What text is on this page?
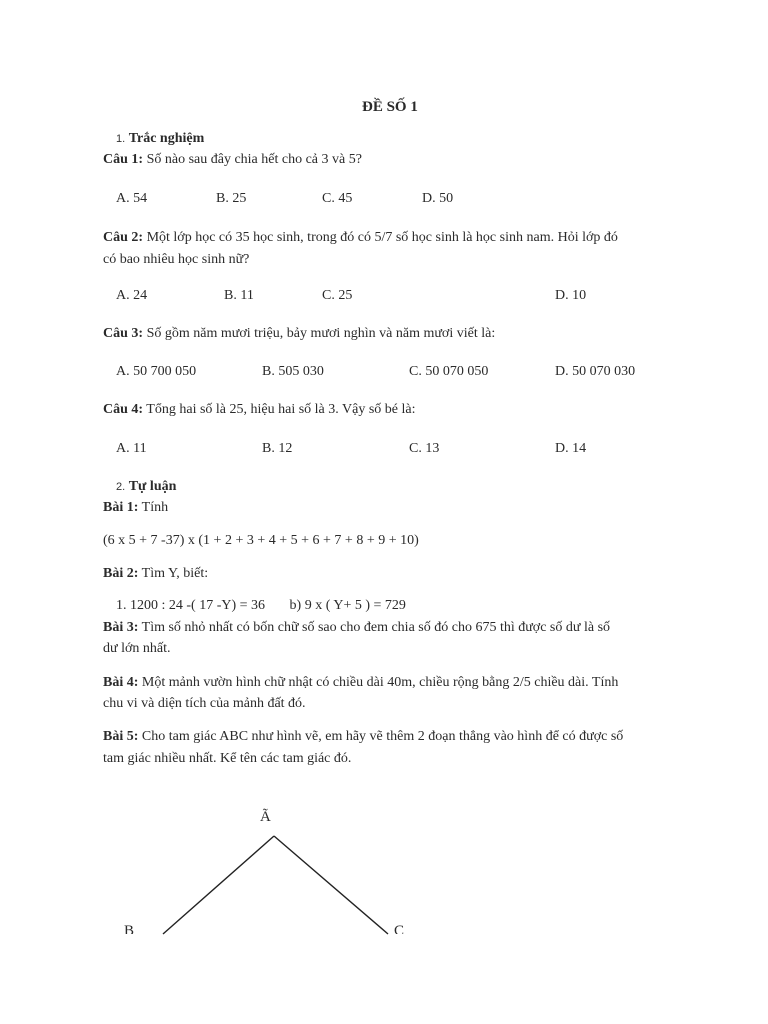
ĐỀ SỐ 1
1. Trắc nghiệm
Câu 1: Số nào sau đây chia hết cho cả 3 và 5?
A. 54	B. 25	C. 45	D. 50
Câu 2: Một lớp học có 35 học sinh, trong đó có 5/7 số học sinh là học sinh nam. Hỏi lớp đó
có bao nhiêu học sinh nữ?
A. 24	B. 11	C. 25	D. 10
Câu 3: Số gồm năm mươi triệu, bảy mươi nghìn và năm mươi viết là:
A. 50 700 050	B. 505 030	C. 50 070 050	D. 50 070 030
Câu 4: Tổng hai số là 25, hiệu hai số là 3. Vậy số bé là:
A. 11	B. 12	C. 13	D. 14
2. Tự luận
Bài 1: Tính
(6 x 5 + 7 -37) x (1 + 2 + 3 + 4 + 5 + 6 + 7 + 8 + 9 + 10)
Bài 2: Tìm Y, biết:
1. 1200 : 24 -( 17 -Y) = 36       b) 9 x ( Y+ 5 ) = 729
Bài 3: Tìm số nhỏ nhất có bốn chữ số sao cho đem chia số đó cho 675 thì được số dư là số
dư lớn nhất.
Bài 4: Một mảnh vườn hình chữ nhật có chiều dài 40m, chiều rộng bằng 2/5 chiều dài. Tính
chu vi và diện tích của mảnh đất đó.
Bài 5: Cho tam giác ABC như hình vẽ, em hãy vẽ thêm 2 đoạn thẳng vào hình để có được số
tam giác nhiều nhất. Kể tên các tam giác đó.
Ã
B	C
